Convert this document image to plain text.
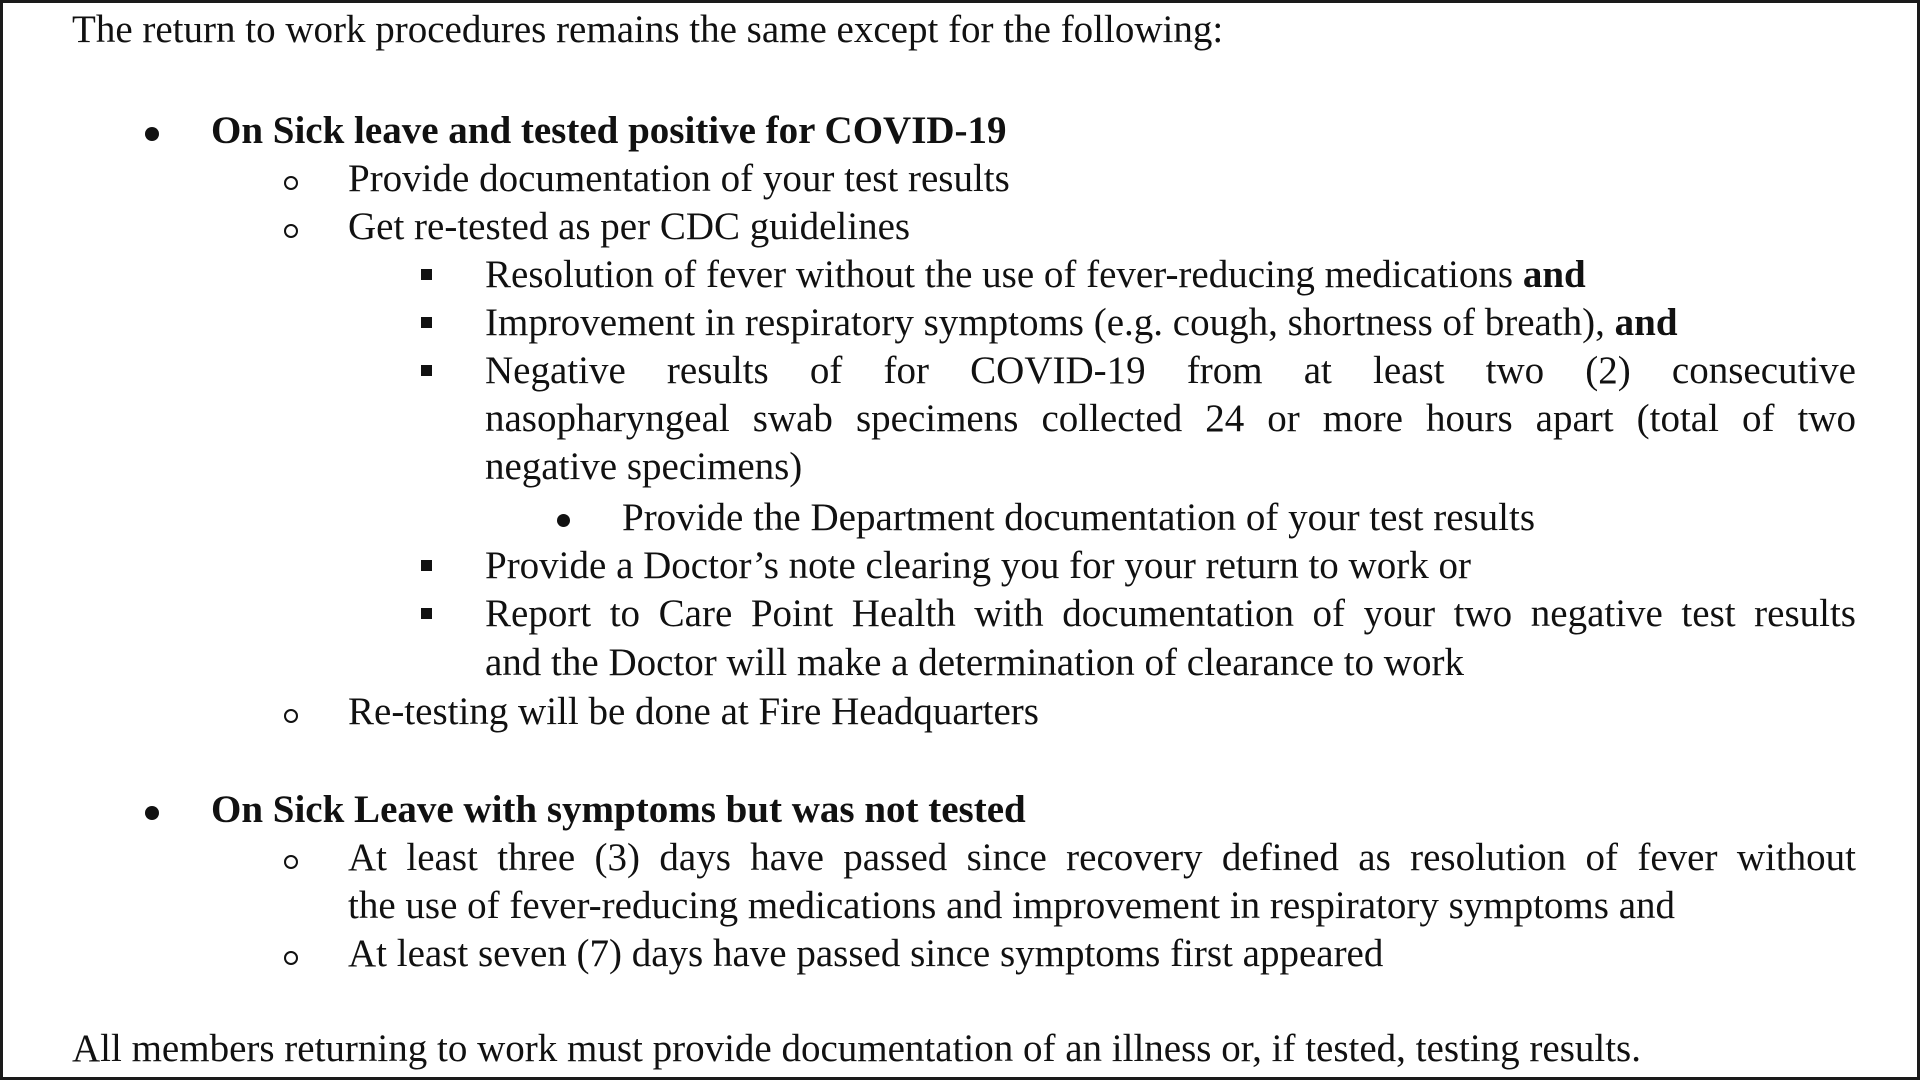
The return to work procedures remains the same except for the following:
On Sick leave and tested positive for COVID-19
Provide documentation of your test results
Get re-tested as per CDC guidelines
Resolution of fever without the use of fever-reducing medications and
Improvement in respiratory symptoms (e.g. cough, shortness of breath), and
Negative results of for COVID-19 from at least two (2) consecutive
nasopharyngeal swab specimens collected 24 or more hours apart (total of two
negative specimens)
Provide the Department documentation of your test results
Provide a Doctor’s note clearing you for your return to work or
Report to Care Point Health with documentation of your two negative test results
and the Doctor will make a determination of clearance to work
Re-testing will be done at Fire Headquarters
On Sick Leave with symptoms but was not tested
At least three (3) days have passed since recovery defined as resolution of fever without
the use of fever-reducing medications and improvement in respiratory symptoms and
At least seven (7) days have passed since symptoms first appeared
All members returning to work must provide documentation of an illness or, if tested, testing results.
